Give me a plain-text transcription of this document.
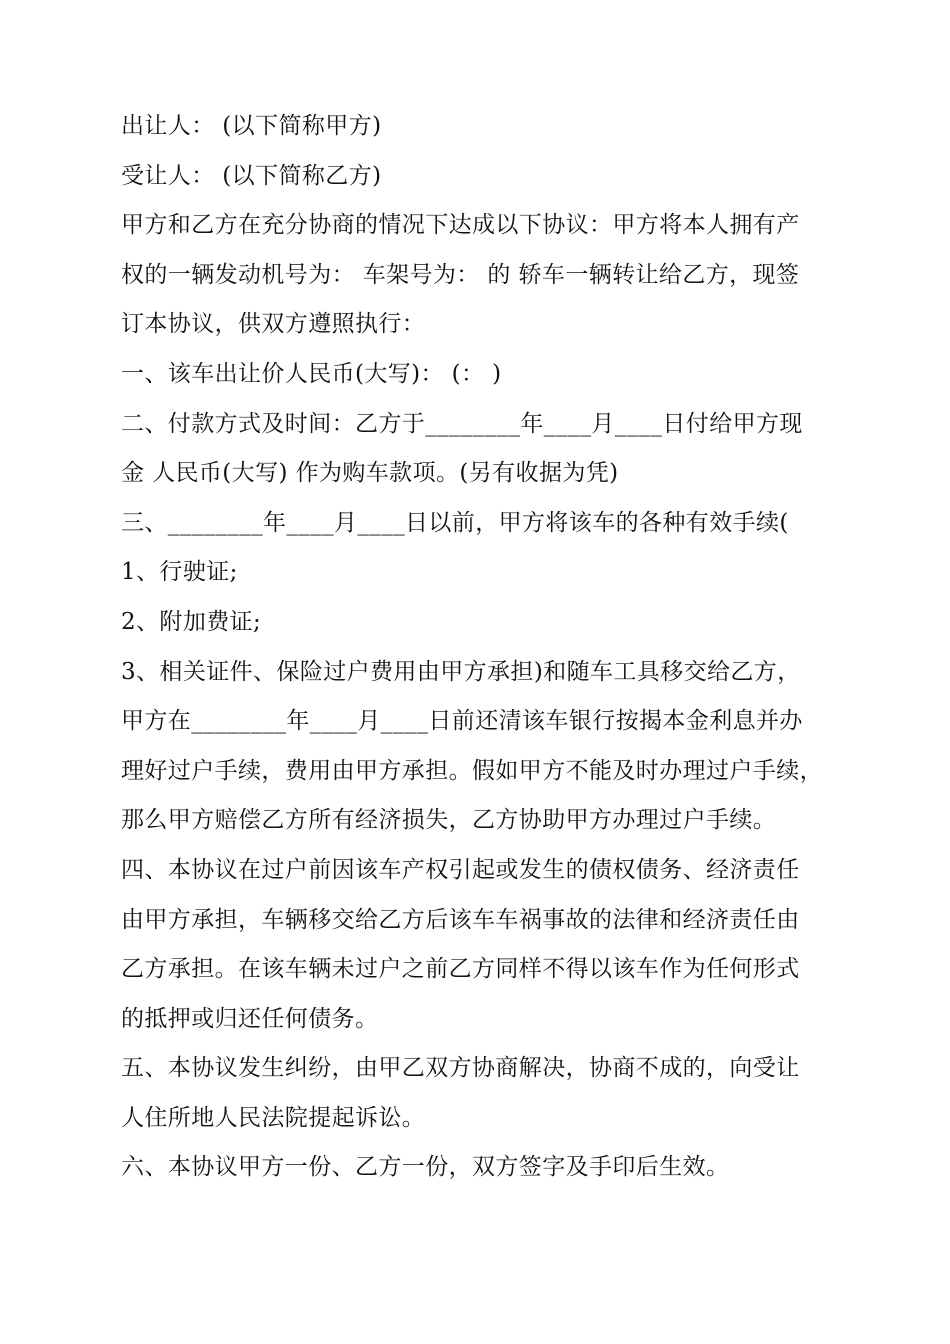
出让人： (以下简称甲方)
受让人： (以下简称乙方)
甲方和乙方在充分协商的情况下达成以下协议：甲方将本人拥有产
权的一辆发动机号为： 车架号为： 的 轿车一辆转让给乙方，现签
订本协议，供双方遵照执行：
一、该车出让价人民币(大写)： (： )
二、付款方式及时间：乙方于________年____月____日付给甲方现
金 人民币(大写) 作为购车款项。(另有收据为凭)
三、________年____月____日以前，甲方将该车的各种有效手续(
1、行驶证;
2、附加费证;
3、相关证件、保险过户费用由甲方承担)和随车工具移交给乙方，
甲方在________年____月____日前还清该车银行按揭本金利息并办
理好过户手续，费用由甲方承担。假如甲方不能及时办理过户手续，
那么甲方赔偿乙方所有经济损失，乙方协助甲方办理过户手续。
四、本协议在过户前因该车产权引起或发生的债权债务、经济责任
由甲方承担，车辆移交给乙方后该车车祸事故的法律和经济责任由
乙方承担。在该车辆未过户之前乙方同样不得以该车作为任何形式
的抵押或归还任何债务。
五、本协议发生纠纷，由甲乙双方协商解决，协商不成的，向受让
人住所地人民法院提起诉讼。
六、本协议甲方一份、乙方一份，双方签字及手印后生效。
